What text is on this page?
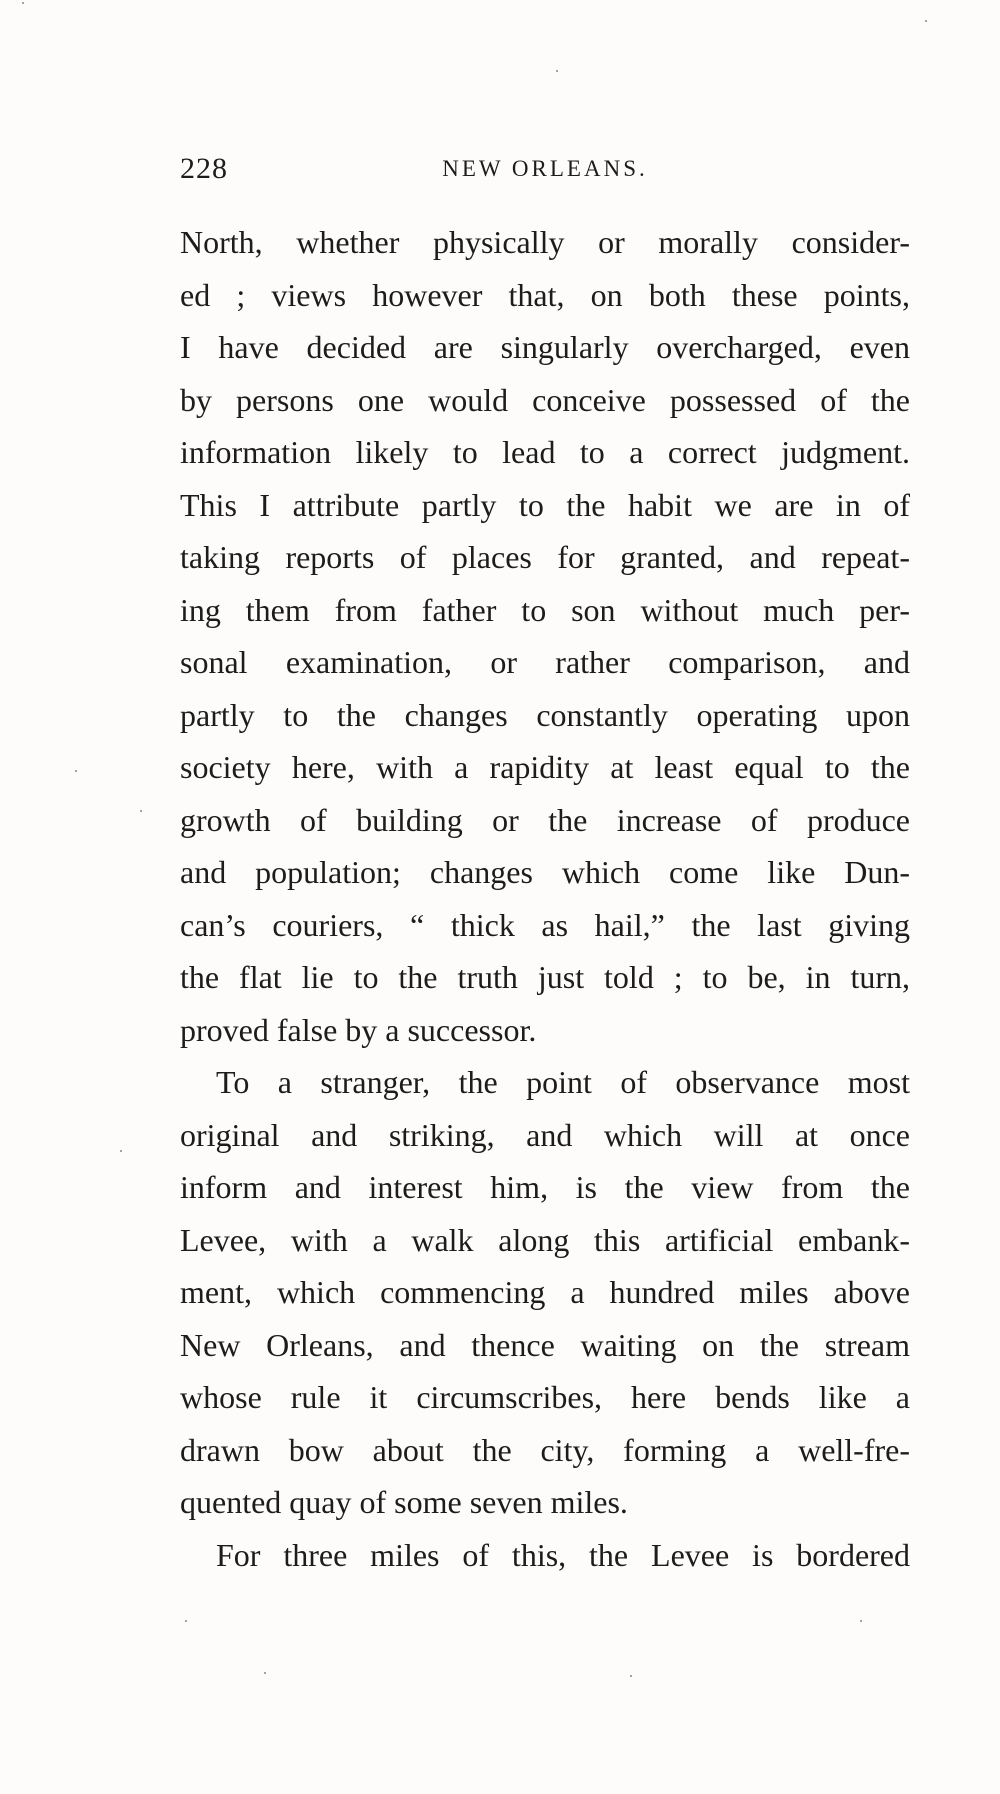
228	NEW ORLEANS.
North, whether physically or morally consider-
ed ; views however that, on both these points,
I have decided are singularly overcharged, even
by persons one would conceive possessed of the
information likely to lead to a correct judgment.
This I attribute partly to the habit we are in of
taking reports of places for granted, and repeat-
ing them from father to son without much per-
sonal examination, or rather comparison, and
partly to the changes constantly operating upon
society here, with a rapidity at least equal to the
growth of building or the increase of produce
and population; changes which come like Dun-
can’s couriers, “ thick as hail,” the last giving
the flat lie to the truth just told ; to be, in turn,
proved false by a successor.
To a stranger, the point of observance most
original and striking, and which will at once
inform and interest him, is the view from the
Levee, with a walk along this artificial embank-
ment, which commencing a hundred miles above
New Orleans, and thence waiting on the stream
whose rule it circumscribes, here bends like a
drawn bow about the city, forming a well-fre-
quented quay of some seven miles.
For three miles of this, the Levee is bordered
